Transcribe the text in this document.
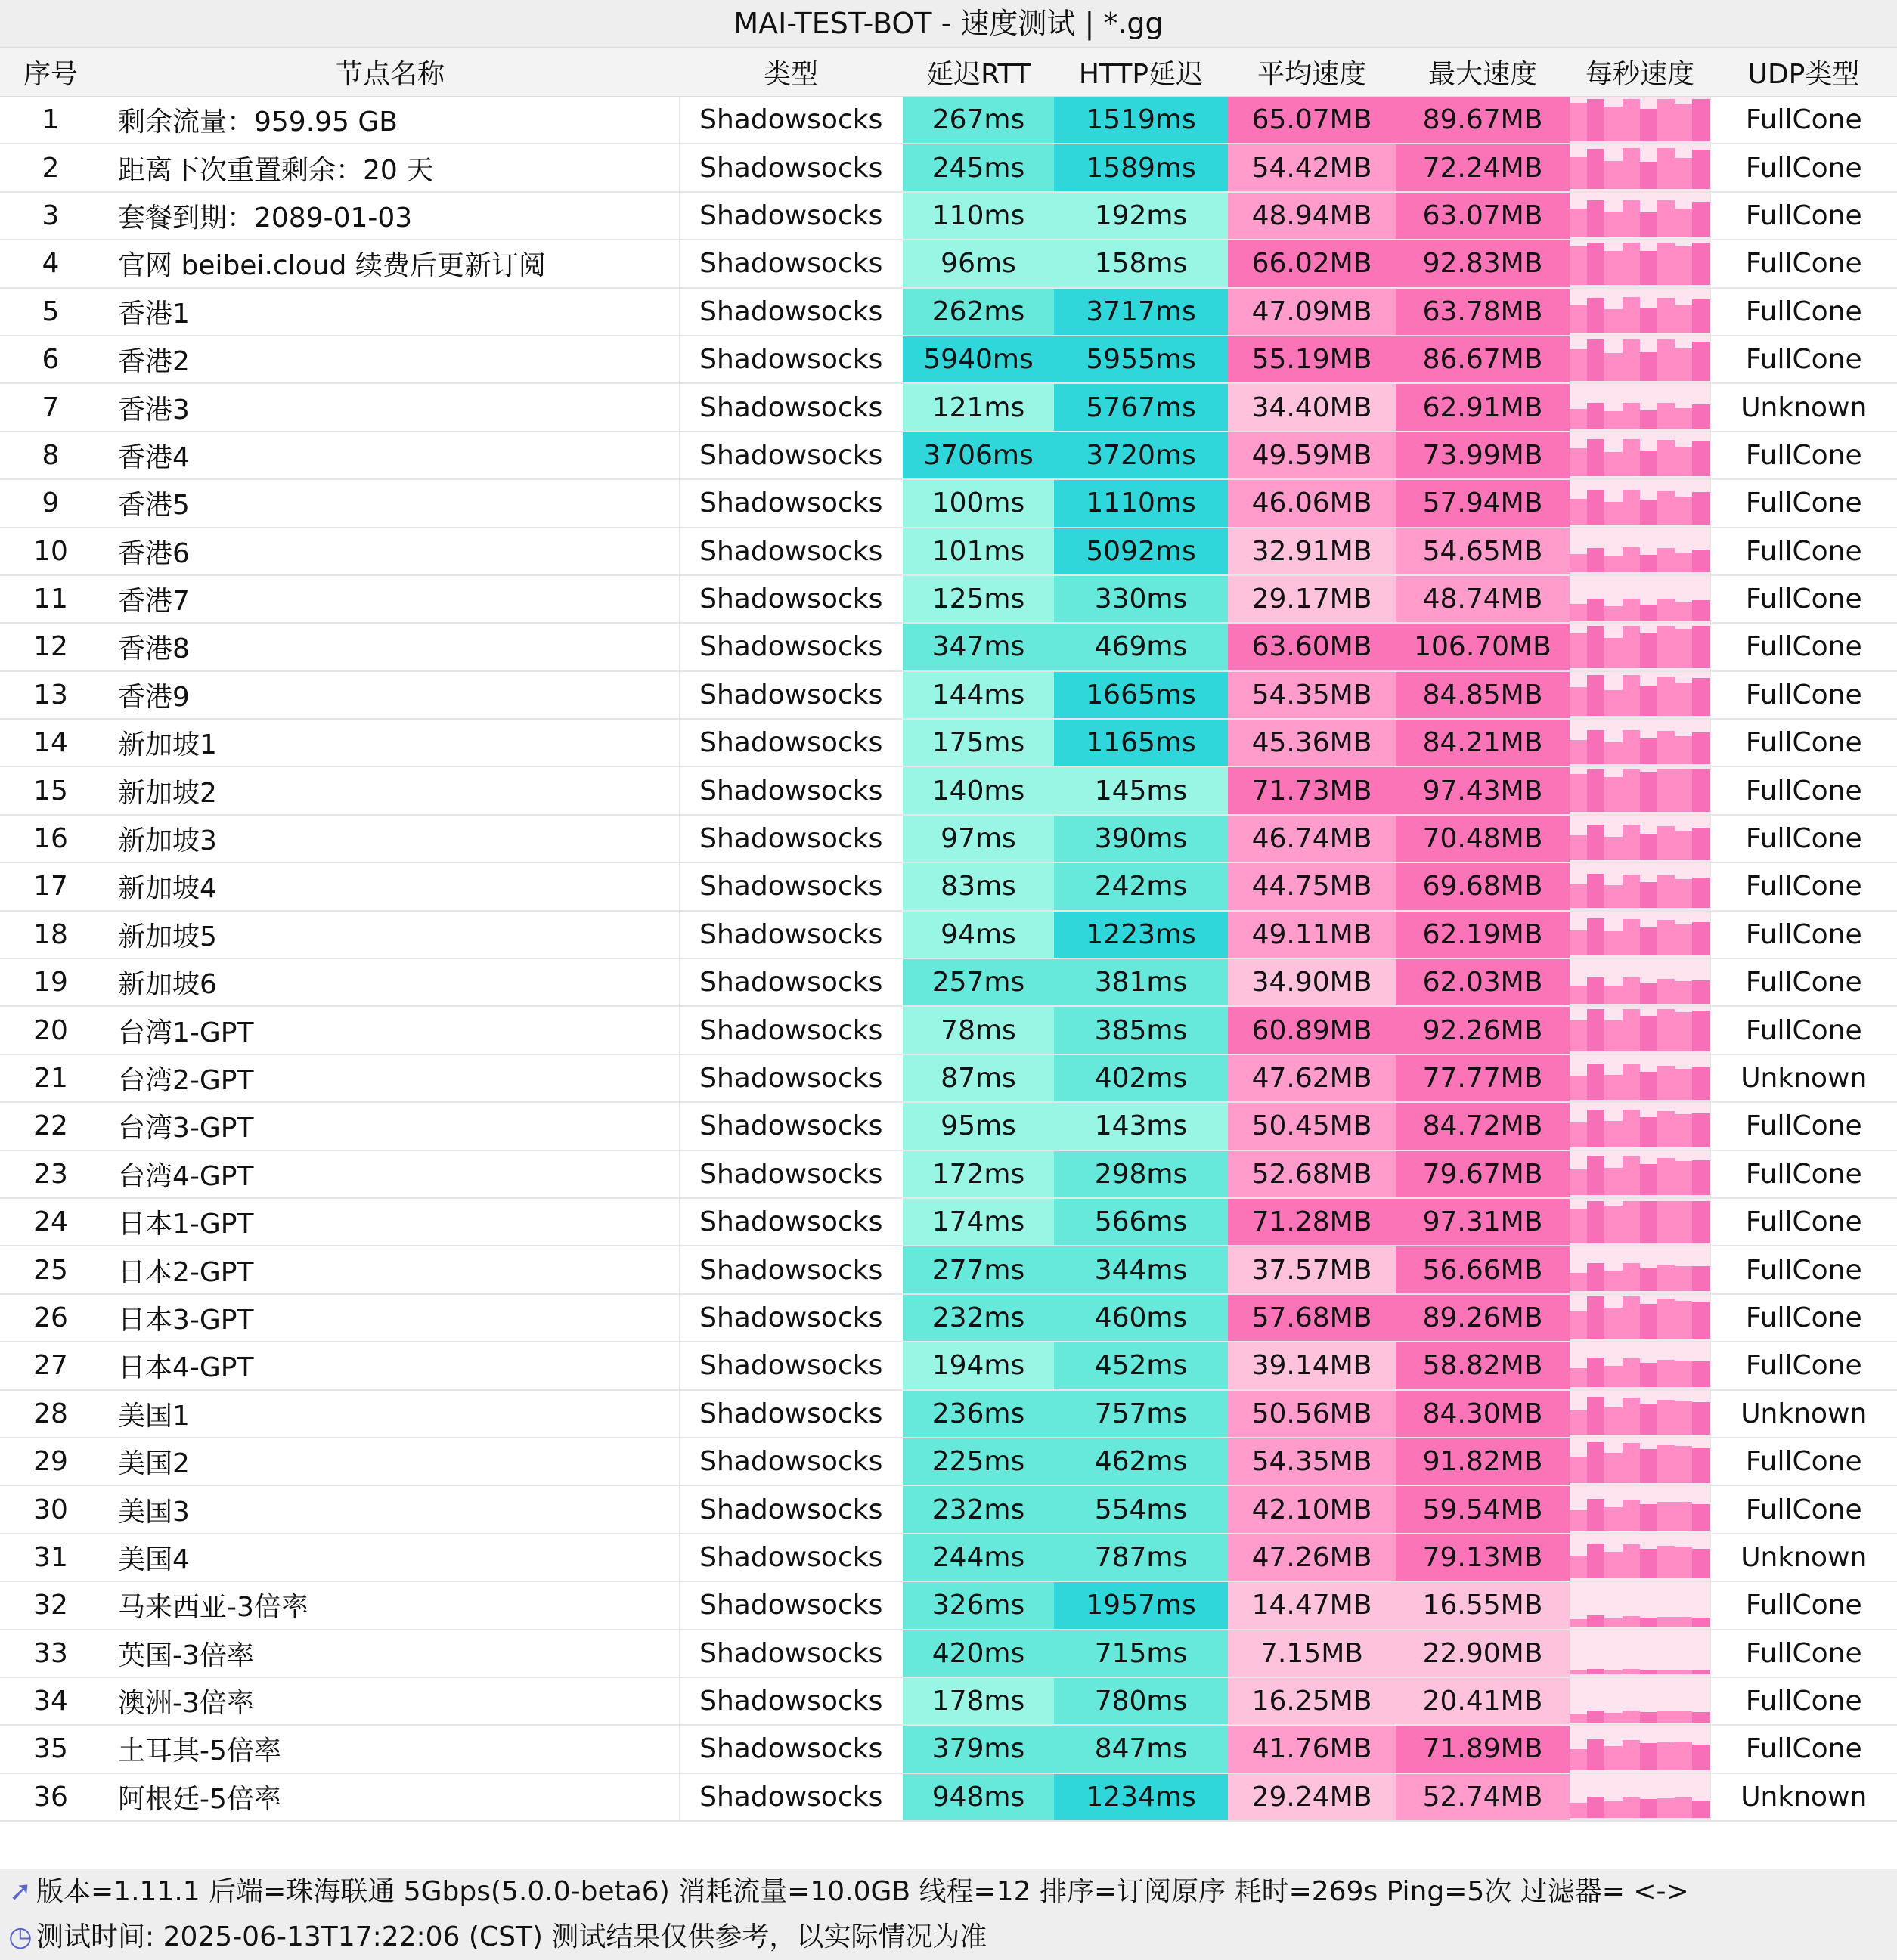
MAI-TEST-BOT - 速度测试 | *.gg
序号	节点名称	类型	延迟RTT	HTTP延迟	平均速度	最大速度	每秒速度	UDP类型
1	剩余流量：959.95 GB	Shadowsocks	267ms	1519ms	65.07MB	89.67MB		FullCone
2	距离下次重置剩余：20 天	Shadowsocks	245ms	1589ms	54.42MB	72.24MB		FullCone
3	套餐到期：2089-01-03	Shadowsocks	110ms	192ms	48.94MB	63.07MB		FullCone
4	官网 beibei.cloud 续费后更新订阅	Shadowsocks	96ms	158ms	66.02MB	92.83MB		FullCone
5	香港1	Shadowsocks	262ms	3717ms	47.09MB	63.78MB		FullCone
6	香港2	Shadowsocks	5940ms	5955ms	55.19MB	86.67MB		FullCone
7	香港3	Shadowsocks	121ms	5767ms	34.40MB	62.91MB		Unknown
8	香港4	Shadowsocks	3706ms	3720ms	49.59MB	73.99MB		FullCone
9	香港5	Shadowsocks	100ms	1110ms	46.06MB	57.94MB		FullCone
10	香港6	Shadowsocks	101ms	5092ms	32.91MB	54.65MB		FullCone
11	香港7	Shadowsocks	125ms	330ms	29.17MB	48.74MB		FullCone
12	香港8	Shadowsocks	347ms	469ms	63.60MB	106.70MB		FullCone
13	香港9	Shadowsocks	144ms	1665ms	54.35MB	84.85MB		FullCone
14	新加坡1	Shadowsocks	175ms	1165ms	45.36MB	84.21MB		FullCone
15	新加坡2	Shadowsocks	140ms	145ms	71.73MB	97.43MB		FullCone
16	新加坡3	Shadowsocks	97ms	390ms	46.74MB	70.48MB		FullCone
17	新加坡4	Shadowsocks	83ms	242ms	44.75MB	69.68MB		FullCone
18	新加坡5	Shadowsocks	94ms	1223ms	49.11MB	62.19MB		FullCone
19	新加坡6	Shadowsocks	257ms	381ms	34.90MB	62.03MB		FullCone
20	台湾1-GPT	Shadowsocks	78ms	385ms	60.89MB	92.26MB		FullCone
21	台湾2-GPT	Shadowsocks	87ms	402ms	47.62MB	77.77MB		Unknown
22	台湾3-GPT	Shadowsocks	95ms	143ms	50.45MB	84.72MB		FullCone
23	台湾4-GPT	Shadowsocks	172ms	298ms	52.68MB	79.67MB		FullCone
24	日本1-GPT	Shadowsocks	174ms	566ms	71.28MB	97.31MB		FullCone
25	日本2-GPT	Shadowsocks	277ms	344ms	37.57MB	56.66MB		FullCone
26	日本3-GPT	Shadowsocks	232ms	460ms	57.68MB	89.26MB		FullCone
27	日本4-GPT	Shadowsocks	194ms	452ms	39.14MB	58.82MB		FullCone
28	美国1	Shadowsocks	236ms	757ms	50.56MB	84.30MB		Unknown
29	美国2	Shadowsocks	225ms	462ms	54.35MB	91.82MB		FullCone
30	美国3	Shadowsocks	232ms	554ms	42.10MB	59.54MB		FullCone
31	美国4	Shadowsocks	244ms	787ms	47.26MB	79.13MB		Unknown
32	马来西亚-3倍率	Shadowsocks	326ms	1957ms	14.47MB	16.55MB		FullCone
33	英国-3倍率	Shadowsocks	420ms	715ms	7.15MB	22.90MB		FullCone
34	澳洲-3倍率	Shadowsocks	178ms	780ms	16.25MB	20.41MB		FullCone
35	土耳其-5倍率	Shadowsocks	379ms	847ms	41.76MB	71.89MB		FullCone
36	阿根廷-5倍率	Shadowsocks	948ms	1234ms	29.24MB	52.74MB		Unknown
➚ 版本=1.11.1 后端=珠海联通 5Gbps(5.0.0-beta6) 消耗流量=10.0GB 线程=12 排序=订阅原序 耗时=269s Ping=5次 过滤器= <->
◷ 测试时间: 2025-06-13T17:22:06 (CST) 测试结果仅供参考，以实际情况为准
